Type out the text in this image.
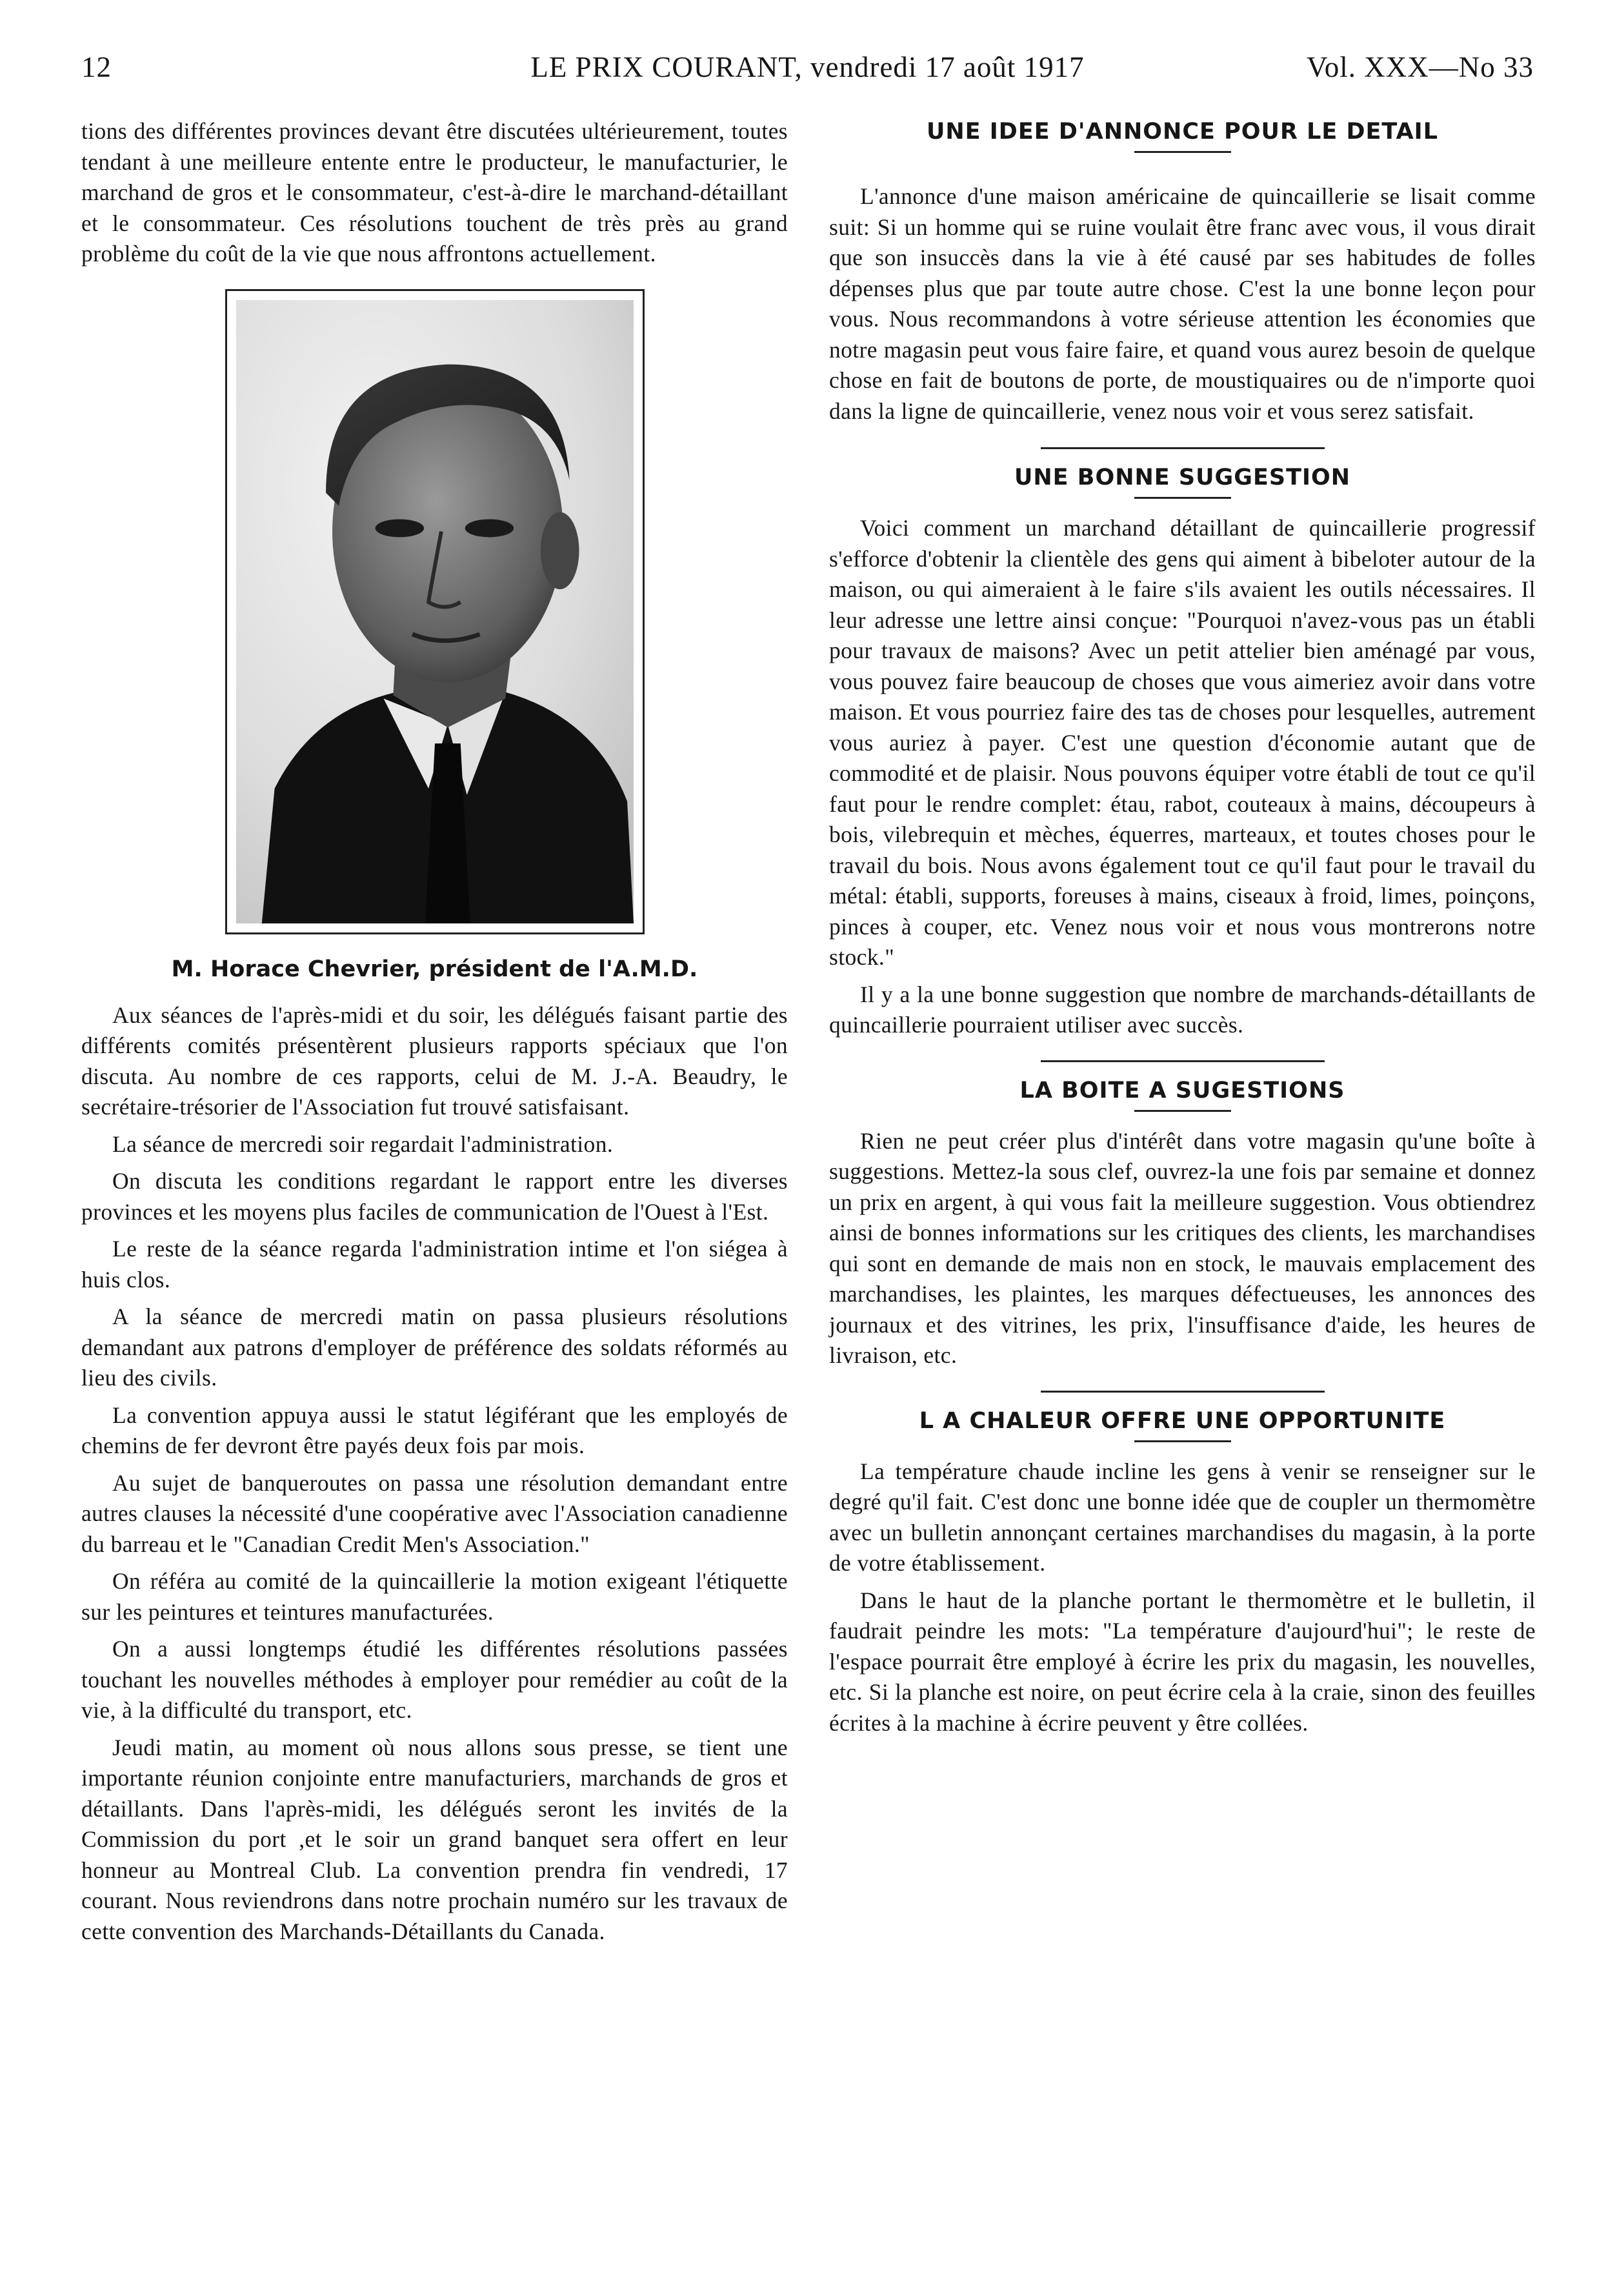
12	LE PRIX COURANT, vendredi 17 août 1917	Vol. XXX—No 33

tions des différentes provinces devant être discutées ultérieurement, toutes tendant à une meilleure entente entre le producteur, le manufacturier, le marchand de gros et le consommateur, c'est-à-dire le marchand-détaillant et le consommateur. Ces résolutions touchent de très près au grand problème du coût de la vie que nous affrontons actuellement.

M. Horace Chevrier, président de l'A.M.D.

Aux séances de l'après-midi et du soir, les délégués faisant partie des différents comités présentèrent plusieurs rapports spéciaux que l'on discuta. Au nombre de ces rapports, celui de M. J.-A. Beaudry, le secrétaire-trésorier de l'Association fut trouvé satisfaisant.

La séance de mercredi soir regardait l'administration.

On discuta les conditions regardant le rapport entre les diverses provinces et les moyens plus faciles de communication de l'Ouest à l'Est.

Le reste de la séance regarda l'administration intime et l'on siégea à huis clos.

A la séance de mercredi matin on passa plusieurs résolutions demandant aux patrons d'employer de préférence des soldats réformés au lieu des civils.

La convention appuya aussi le statut légiférant que les employés de chemins de fer devront être payés deux fois par mois.

Au sujet de banqueroutes on passa une résolution demandant entre autres clauses la nécessité d'une coopérative avec l'Association canadienne du barreau et le "Canadian Credit Men's Association."

On référa au comité de la quincaillerie la motion exigeant l'étiquette sur les peintures et teintures manufacturées.

On a aussi longtemps étudié les différentes résolutions passées touchant les nouvelles méthodes à employer pour remédier au coût de la vie, à la difficulté du transport, etc.

Jeudi matin, au moment où nous allons sous presse, se tient une importante réunion conjointe entre manufacturiers, marchands de gros et détaillants. Dans l'après-midi, les délégués seront les invités de la Commission du port ,et le soir un grand banquet sera offert en leur honneur au Montreal Club. La convention prendra fin vendredi, 17 courant. Nous reviendrons dans notre prochain numéro sur les travaux de cette convention des Marchands-Détaillants du Canada.

UNE IDEE D'ANNONCE POUR LE DETAIL

L'annonce d'une maison américaine de quincaillerie se lisait comme suit: Si un homme qui se ruine voulait être franc avec vous, il vous dirait que son insuccès dans la vie à été causé par ses habitudes de folles dépenses plus que par toute autre chose. C'est la une bonne leçon pour vous. Nous recommandons à votre sérieuse attention les économies que notre magasin peut vous faire faire, et quand vous aurez besoin de quelque chose en fait de boutons de porte, de moustiquaires ou de n'importe quoi dans la ligne de quincaillerie, venez nous voir et vous serez satisfait.

UNE BONNE SUGGESTION

Voici comment un marchand détaillant de quincaillerie progressif s'efforce d'obtenir la clientèle des gens qui aiment à bibeloter autour de la maison, ou qui aimeraient à le faire s'ils avaient les outils nécessaires. Il leur adresse une lettre ainsi conçue: "Pourquoi n'avez-vous pas un établi pour travaux de maisons? Avec un petit attelier bien aménagé par vous, vous pouvez faire beaucoup de choses que vous aimeriez avoir dans votre maison. Et vous pourriez faire des tas de choses pour lesquelles, autrement vous auriez à payer. C'est une question d'économie autant que de commodité et de plaisir. Nous pouvons équiper votre établi de tout ce qu'il faut pour le rendre complet: étau, rabot, couteaux à mains, découpeurs à bois, vilebrequin et mèches, équerres, marteaux, et toutes choses pour le travail du bois. Nous avons également tout ce qu'il faut pour le travail du métal: établi, supports, foreuses à mains, ciseaux à froid, limes, poinçons, pinces à couper, etc. Venez nous voir et nous vous montrerons notre stock."

Il y a la une bonne suggestion que nombre de marchands-détaillants de quincaillerie pourraient utiliser avec succès.

LA BOITE A SUGESTIONS

Rien ne peut créer plus d'intérêt dans votre magasin qu'une boîte à suggestions. Mettez-la sous clef, ouvrez-la une fois par semaine et donnez un prix en argent, à qui vous fait la meilleure suggestion. Vous obtiendrez ainsi de bonnes informations sur les critiques des clients, les marchandises qui sont en demande de mais non en stock, le mauvais emplacement des marchandises, les plaintes, les marques défectueuses, les annonces des journaux et des vitrines, les prix, l'insuffisance d'aide, les heures de livraison, etc.

L A CHALEUR OFFRE UNE OPPORTUNITE

La température chaude incline les gens à venir se renseigner sur le degré qu'il fait. C'est donc une bonne idée que de coupler un thermomètre avec un bulletin annonçant certaines marchandises du magasin, à la porte de votre établissement.

Dans le haut de la planche portant le thermomètre et le bulletin, il faudrait peindre les mots: "La température d'aujourd'hui"; le reste de l'espace pourrait être employé à écrire les prix du magasin, les nouvelles, etc. Si la planche est noire, on peut écrire cela à la craie, sinon des feuilles écrites à la machine à écrire peuvent y être collées.
